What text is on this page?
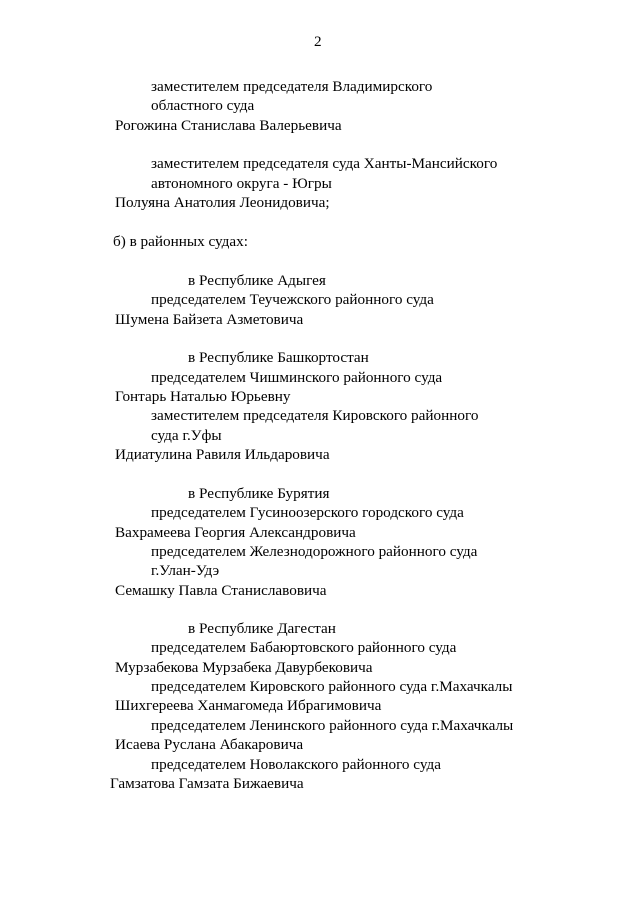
2

заместителем председателя Владимирского

областного суда

Рогожина Станислава Валерьевича

заместителем председателя суда Ханты-Мансийского

автономного округа - Югры

Полуяна Анатолия Леонидовича;

б) в районных судах:

в Республике Адыгея

председателем Теучежского районного суда

Шумена Байзета Азметовича

в Республике Башкортостан

председателем Чишминского районного суда

Гонтарь Наталью Юрьевну

заместителем председателя Кировского районного

суда г.Уфы

Идиатулина Равиля Ильдаровича

в Республике Бурятия

председателем Гусиноозерского городского суда

Вахрамеева Георгия Александровича

председателем Железнодорожного районного суда

г.Улан-Удэ

Семашку Павла Станиславовича

в Республике Дагестан

председателем Бабаюртовского районного суда

Мурзабекова Мурзабека Давурбековича

председателем Кировского районного суда г.Махачкалы

Шихгереева Ханмагомеда Ибрагимовича

председателем Ленинского районного суда г.Махачкалы

Исаева Руслана Абакаровича

председателем Новолакского районного суда

Гамзатова Гамзата Бижаевича
